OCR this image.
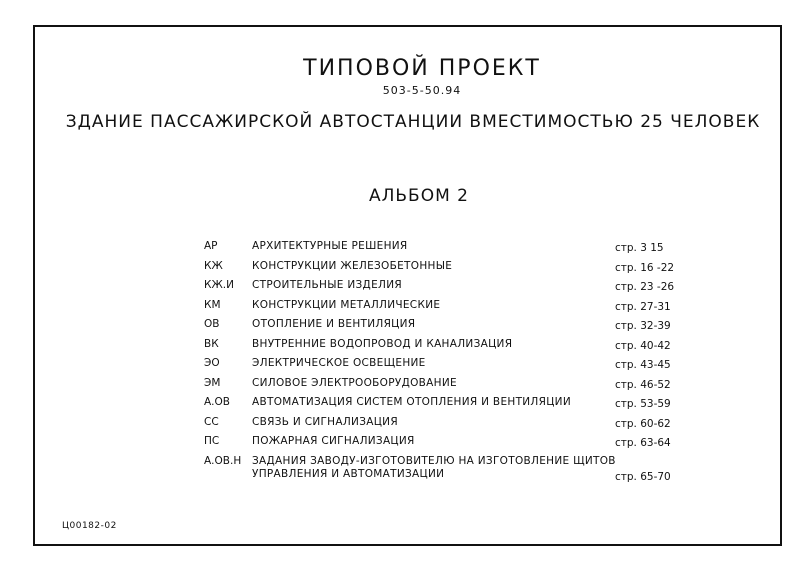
ТИПОВОЙ ПРОЕКТ
503-5-50.94
ЗДАНИЕ ПАССАЖИРСКОЙ АВТОСТАНЦИИ ВМЕСТИМОСТЬЮ 25 ЧЕЛОВЕК
АЛЬБОМ 2
АР	АРХИТЕКТУРНЫЕ РЕШЕНИЯ	стр. 3 15
КЖ	КОНСТРУКЦИИ ЖЕЛЕЗОБЕТОННЫЕ	стр. 16 -22
КЖ.И	СТРОИТЕЛЬНЫЕ ИЗДЕЛИЯ	стр. 23 -26
КМ	КОНСТРУКЦИИ МЕТАЛЛИЧЕСКИЕ	стр. 27-31
ОВ	ОТОПЛЕНИЕ И ВЕНТИЛЯЦИЯ	стр. 32-39
ВК	ВНУТРЕННИЕ ВОДОПРОВОД И КАНАЛИЗАЦИЯ	стр. 40-42
ЭО	ЭЛЕКТРИЧЕСКОЕ ОСВЕЩЕНИЕ	стр. 43-45
ЭМ	СИЛОВОЕ ЭЛЕКТРООБОРУДОВАНИЕ	стр. 46-52
А.ОВ	АВТОМАТИЗАЦИЯ СИСТЕМ ОТОПЛЕНИЯ И ВЕНТИЛЯЦИИ	стр. 53-59
СС	СВЯЗЬ И СИГНАЛИЗАЦИЯ	стр. 60-62
ПС	ПОЖАРНАЯ СИГНАЛИЗАЦИЯ	стр. 63-64
А.ОВ.Н	ЗАДАНИЯ ЗАВОДУ-ИЗГОТОВИТЕЛЮ НА ИЗГОТОВЛЕНИЕ ЩИТОВ УПРАВЛЕНИЯ И АВТОМАТИЗАЦИИ	стр. 65-70
Ц00182-02
